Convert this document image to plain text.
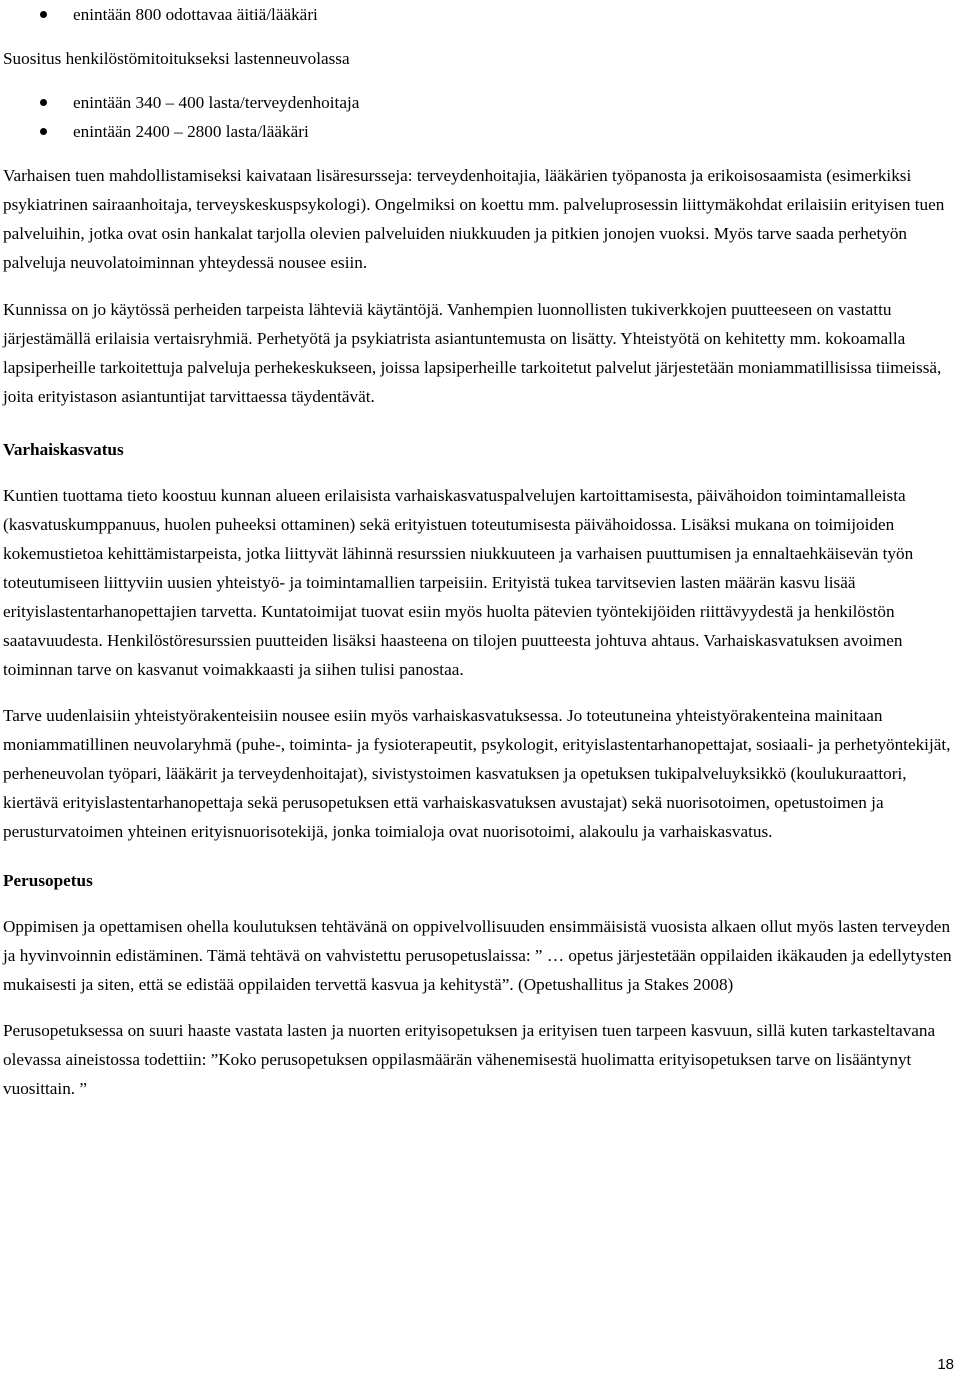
enintään 800 odottavaa äitiä/lääkäri

Suositus henkilöstömitoitukseksi lastenneuvolassa

enintään 340 – 400 lasta/terveydenhoitaja
enintään 2400 – 2800 lasta/lääkäri

Varhaisen tuen mahdollistamiseksi kaivataan lisäresursseja: terveydenhoitajia, lääkärien työpanosta ja erikoisosaamista (esimerkiksi psykiatrinen sairaanhoitaja, terveyskeskuspsykologi). Ongelmiksi on koettu mm. palveluprosessin liittymäkohdat erilaisiin erityisen tuen palveluihin, jotka ovat osin hankalat tarjolla olevien palveluiden niukkuuden ja pitkien jonojen vuoksi. Myös tarve saada perhetyön palveluja neuvolatoiminnan yhteydessä nousee esiin.

Kunnissa on jo käytössä perheiden tarpeista lähteviä käytäntöjä. Vanhempien luonnollisten tukiverkkojen puutteeseen on vastattu järjestämällä erilaisia vertaisryhmiä. Perhetyötä ja psykiatrista asiantuntemusta on lisätty. Yhteistyötä on kehitetty mm. kokoamalla lapsiperheille tarkoitettuja palveluja perhekeskukseen, joissa lapsiperheille tarkoitetut palvelut järjestetään moniammatillisissa tiimeissä, joita erityistason asiantuntijat tarvittaessa täydentävät.

Varhaiskasvatus

Kuntien tuottama tieto koostuu kunnan alueen erilaisista varhaiskasvatuspalvelujen kartoittamisesta, päivähoidon toimintamalleista (kasvatuskumppanuus, huolen puheeksi ottaminen) sekä erityistuen toteutumisesta päivähoidossa. Lisäksi mukana on toimijoiden kokemustietoa kehittämistarpeista, jotka liittyvät lähinnä resurssien niukkuuteen ja varhaisen puuttumisen ja ennaltaehkäisevän työn toteutumiseen liittyviin uusien yhteistyö- ja toimintamallien tarpeisiin. Erityistä tukea tarvitsevien lasten määrän kasvu lisää erityislastentarhanopettajien tarvetta. Kuntatoimijat tuovat esiin myös huolta pätevien työntekijöiden riittävyydestä ja henkilöstön saatavuudesta. Henkilöstöresurssien puutteiden lisäksi haasteena on tilojen puutteesta johtuva ahtaus. Varhaiskasvatuksen avoimen toiminnan tarve on kasvanut voimakkaasti ja siihen tulisi panostaa.

Tarve uudenlaisiin yhteistyörakenteisiin nousee esiin myös varhaiskasvatuksessa. Jo toteutuneina yhteistyörakenteina mainitaan moniammatillinen neuvolaryhmä (puhe-, toiminta- ja fysioterapeutit, psykologit, erityislastentarhanopettajat, sosiaali- ja perhetyöntekijät, perheneuvolan työpari, lääkärit ja terveydenhoitajat), sivistystoimen kasvatuksen ja opetuksen tukipalveluyksikkö (koulukuraattori, kiertävä erityislastentarhanopettaja sekä perusopetuksen että varhaiskasvatuksen avustajat) sekä nuorisotoimen, opetustoimen ja perusturvatoimen yhteinen erityisnuorisotekijä, jonka toimialoja ovat nuorisotoimi, alakoulu ja varhaiskasvatus.

Perusopetus

Oppimisen ja opettamisen ohella koulutuksen tehtävänä on oppivelvollisuuden ensimmäisistä vuosista alkaen ollut myös lasten terveyden ja hyvinvoinnin edistäminen. Tämä tehtävä on vahvistettu perusopetuslaissa: ” … opetus järjestetään oppilaiden ikäkauden ja edellytysten mukaisesti ja siten, että se edistää oppilaiden tervettä kasvua ja kehitystä”. (Opetushallitus ja Stakes 2008)

Perusopetuksessa on suuri haaste vastata lasten ja nuorten erityisopetuksen ja erityisen tuen tarpeen kasvuun, sillä kuten tarkasteltavana olevassa aineistossa todettiin: ”Koko perusopetuksen oppilasmäärän vähenemisestä huolimatta erityisopetuksen tarve on lisääntynyt vuosittain. ”

18
